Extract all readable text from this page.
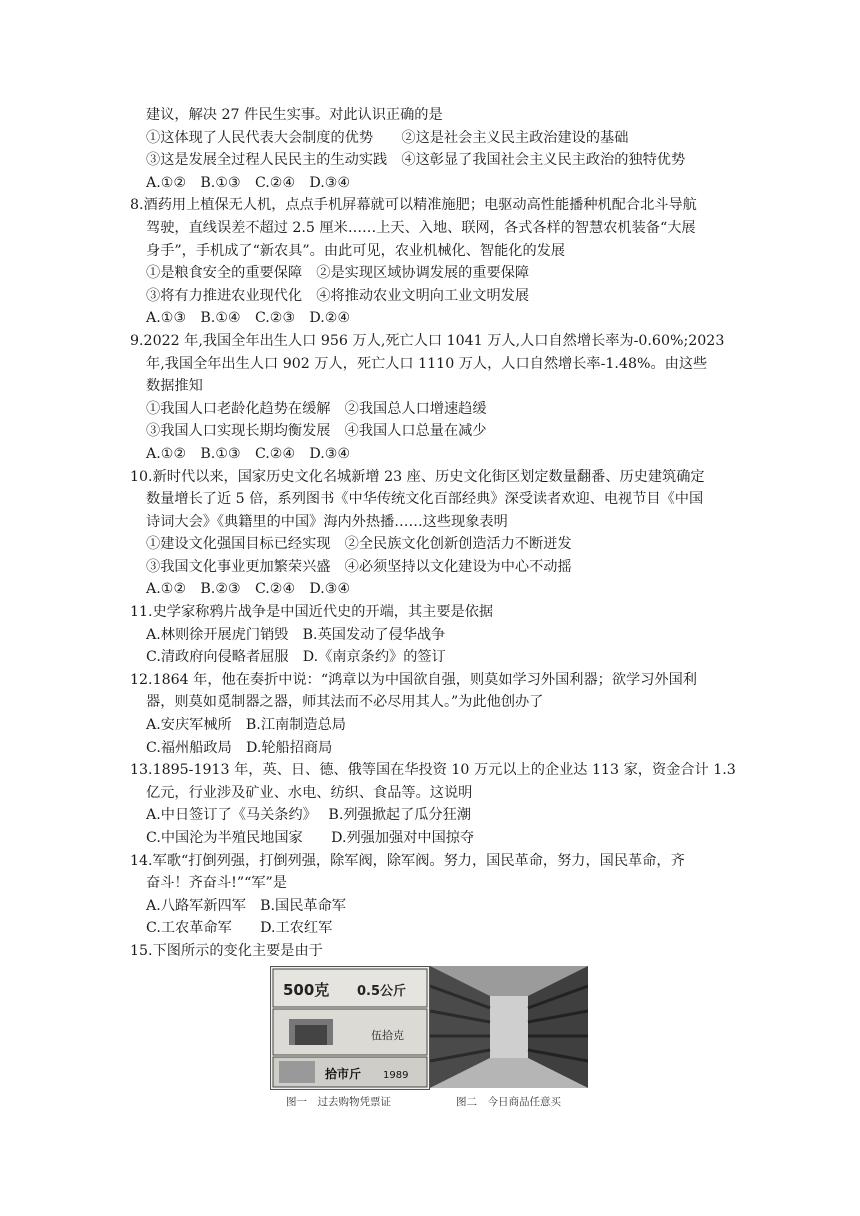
建议，解决 27 件民生实事。对此认识正确的是
①这体现了人民代表大会制度的优势　　②这是社会主义民主政治建设的基础
③这是发展全过程人民民主的生动实践　④这彰显了我国社会主义民主政治的独特优势
A.①②　B.①③　C.②④　D.③④
8.酒药用上植保无人机，点点手机屏幕就可以精准施肥；电驱动高性能播种机配合北斗导航
驾驶，直线误差不超过 2.5 厘米……上天、入地、联网，各式各样的智慧农机装备“大展
身手”，手机成了“新农具”。由此可见，农业机械化、智能化的发展
①是粮食安全的重要保障　②是实现区域协调发展的重要保障
③将有力推进农业现代化　④将推动农业文明向工业文明发展
A.①③　B.①④　C.②③　D.②④
9.2022 年,我国全年出生人口 956 万人,死亡人口 1041 万人,人口自然增长率为-0.60%;2023
年,我国全年出生人口 902 万人，死亡人口 1110 万人，人口自然增长率-1.48%。由这些
数据推知
①我国人口老龄化趋势在缓解　②我国总人口增速趋缓
③我国人口实现长期均衡发展　④我国人口总量在减少
A.①②　B.①③　C.②④　D.③④
10.新时代以来，国家历史文化名城新增 23 座、历史文化街区划定数量翻番、历史建筑确定
数量增长了近 5 倍，系列图书《中华传统文化百部经典》深受读者欢迎、电视节目《中国
诗词大会》《典籍里的中国》海内外热播……这些现象表明
①建设文化强国目标已经实现　②全民族文化创新创造活力不断迸发
③我国文化事业更加繁荣兴盛　④必须坚持以文化建设为中心不动摇
A.①②　B.②③　C.②④　D.③④
11.史学家称鸦片战争是中国近代史的开端，其主要是依据
A.林则徐开展虎门销毁　B.英国发动了侵华战争
C.清政府向侵略者屈服　D.《南京条约》的签订
12.1864 年，他在奏折中说：“鸿章以为中国欲自强，则莫如学习外国利器；欲学习外国利
器，则莫如觅制器之器，师其法而不必尽用其人。”为此他创办了
A.安庆军械所　B.江南制造总局
C.福州船政局　D.轮船招商局
13.1895-1913 年，英、日、德、俄等国在华投资 10 万元以上的企业达 113 家，资金合计 1.3
亿元，行业涉及矿业、水电、纺织、食品等。这说明
A.中日签订了《马关条约》　 B.列强掀起了瓜分狂潮
C.中国沦为半殖民地国家　　D.列强加强对中国掠夺
14.军歌“打倒列强，打倒列强，除军阀，除军阀。努力，国民革命，努力，国民革命，齐
奋斗！齐奋斗!”“军”是
A.八路军新四军　B.国民革命军
C.工农革命军　　D.工农红军
15.下图所示的变化主要是由于
500克 0.5公斤
伍拾克
拾市斤 1989
图一　过去购物凭票证	图二　今日商品任意买
